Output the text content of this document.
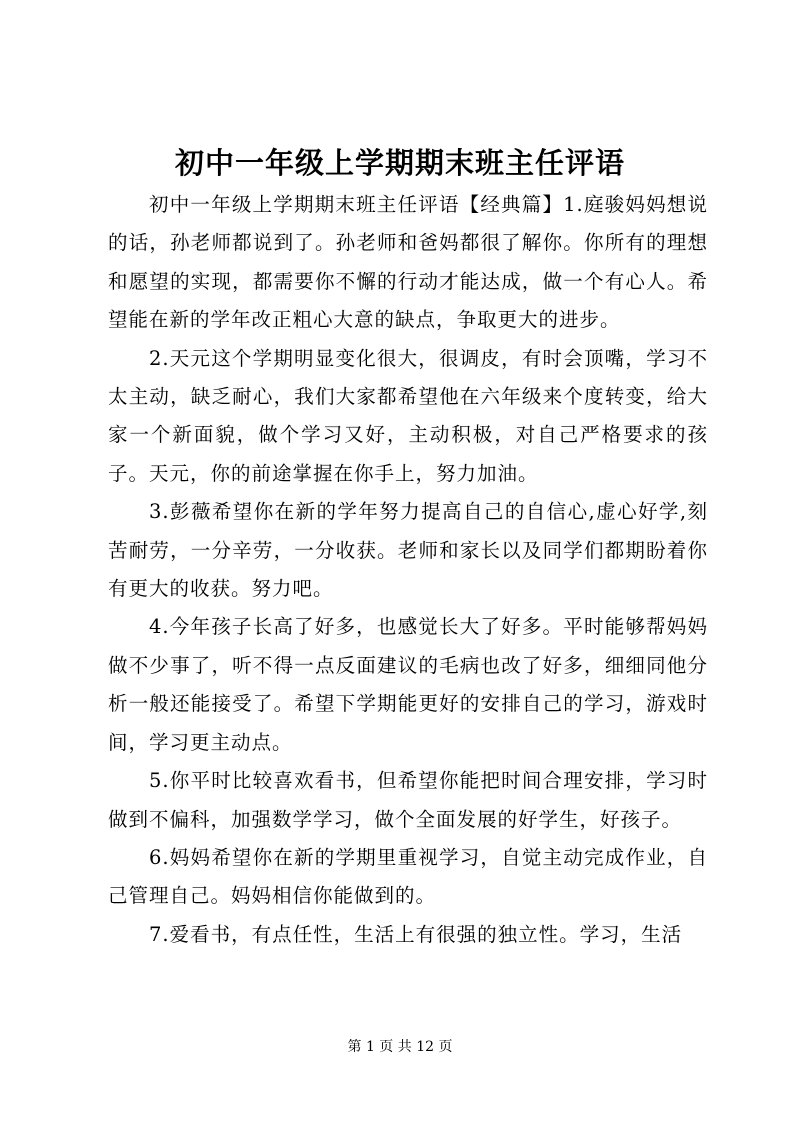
初中一年级上学期期末班主任评语

初中一年级上学期期末班主任评语【经典篇】1.庭骏妈妈想说的话，孙老师都说到了。孙老师和爸妈都很了解你。你所有的理想和愿望的实现，都需要你不懈的行动才能达成，做一个有心人。希望能在新的学年改正粗心大意的缺点，争取更大的进步。

2.天元这个学期明显变化很大，很调皮，有时会顶嘴，学习不太主动，缺乏耐心，我们大家都希望他在六年级来个度转变，给大家一个新面貌，做个学习又好，主动积极，对自己严格要求的孩子。天元，你的前途掌握在你手上，努力加油。

3.彭薇希望你在新的学年努力提高自己的自信心,虚心好学,刻苦耐劳，一分辛劳，一分收获。老师和家长以及同学们都期盼着你有更大的收获。努力吧。

4.今年孩子长高了好多，也感觉长大了好多。平时能够帮妈妈做不少事了，听不得一点反面建议的毛病也改了好多，细细同他分析一般还能接受了。希望下学期能更好的安排自己的学习，游戏时间，学习更主动点。

5.你平时比较喜欢看书，但希望你能把时间合理安排，学习时做到不偏科，加强数学学习，做个全面发展的好学生，好孩子。

6.妈妈希望你在新的学期里重视学习，自觉主动完成作业，自己管理自己。妈妈相信你能做到的。

7.爱看书，有点任性，生活上有很强的独立性。学习，生活

第 1 页 共 12 页
